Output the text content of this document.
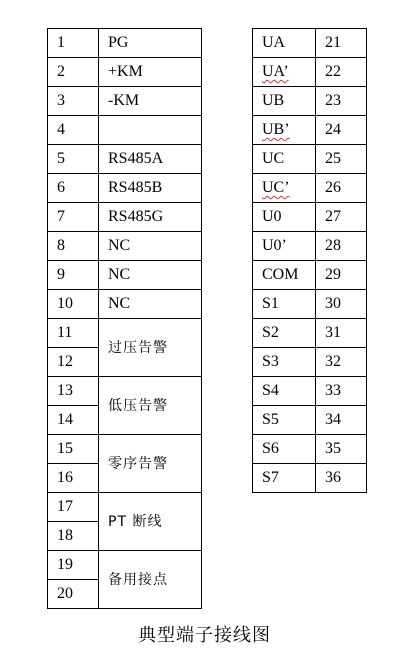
1	PG
2	+KM
3	-KM
4	
5	RS485A
6	RS485B
7	RS485G
8	NC
9	NC
10	NC
11	过压告警
12	
13	低压告警
14	
15	零序告警
16	
17	PT 断线
18	
19	备用接点
20	
UA	21
UA’	22
UB	23
UB’	24
UC	25
UC’	26
U0	27
U0’	28
COM	29
S1	30
S2	31
S3	32
S4	33
S5	34
S6	35
S7	36
典型端子接线图
